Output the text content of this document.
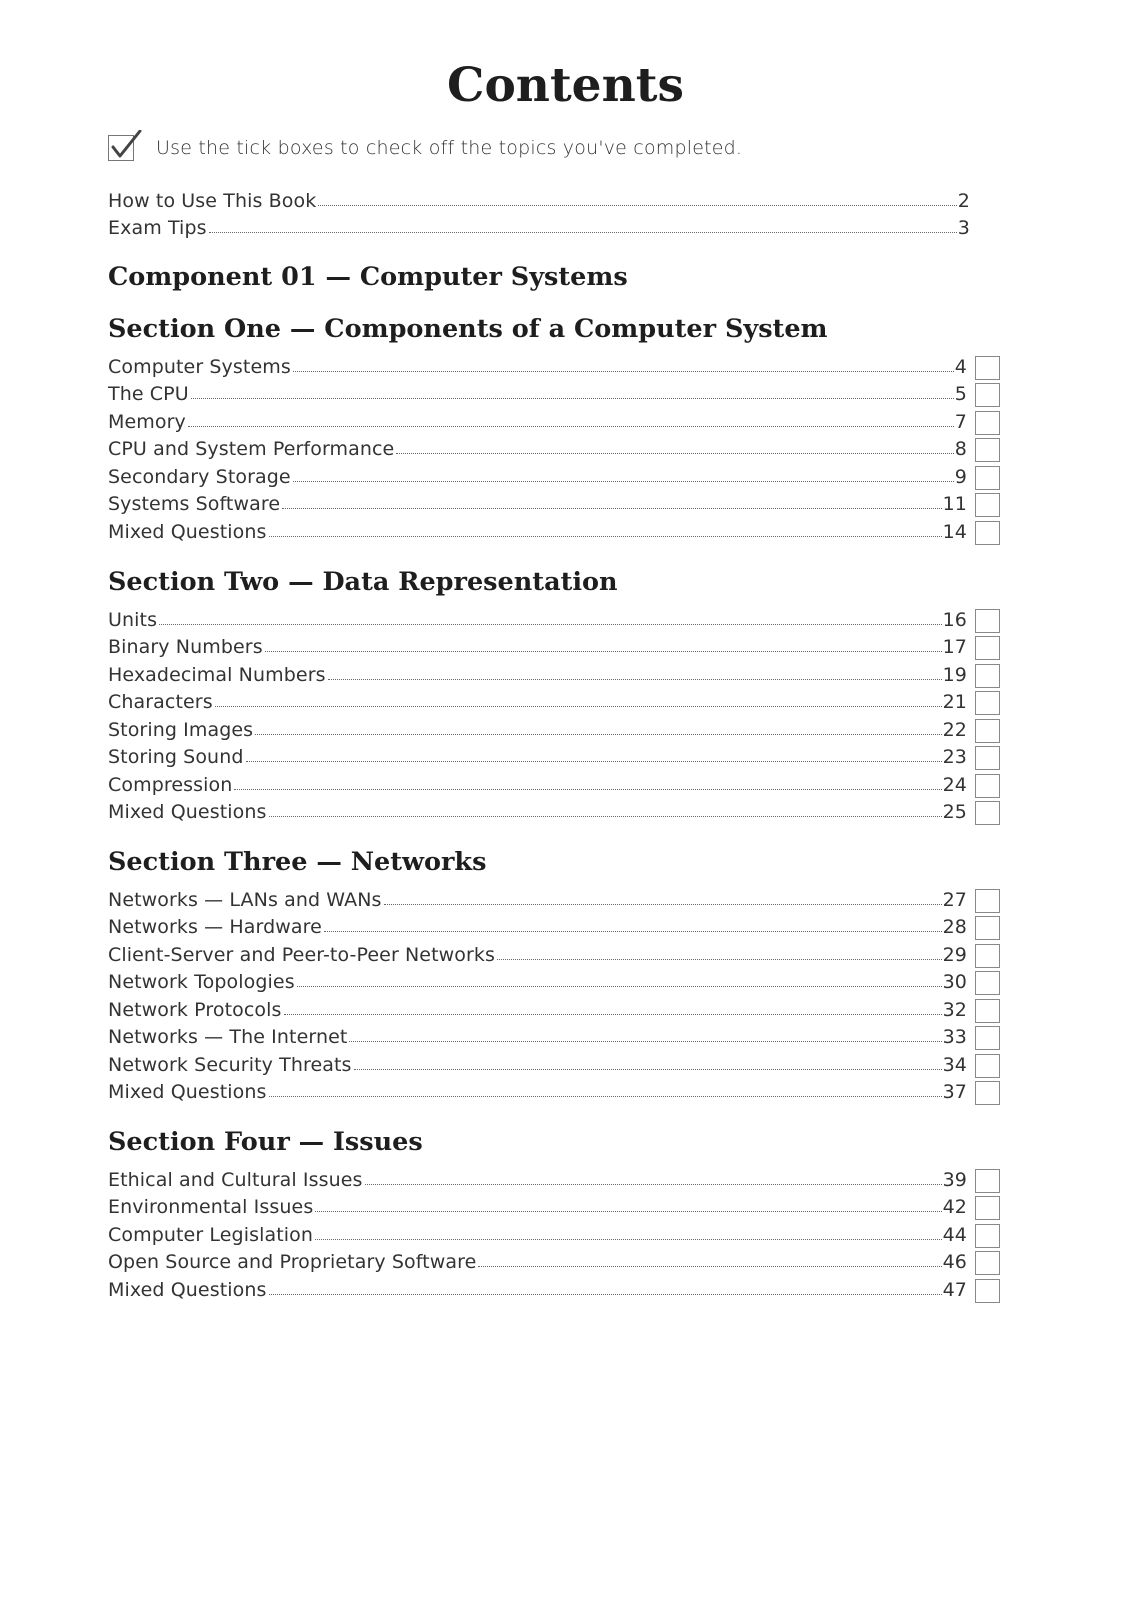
Contents
Use the tick boxes to check off the topics you've completed.
How to Use This Book	2
Exam Tips	3
Component 01 — Computer Systems
Section One — Components of a Computer System
Computer Systems	4
The CPU	5
Memory	7
CPU and System Performance	8
Secondary Storage	9
Systems Software	11
Mixed Questions	14
Section Two — Data Representation
Units	16
Binary Numbers	17
Hexadecimal Numbers	19
Characters	21
Storing Images	22
Storing Sound	23
Compression	24
Mixed Questions	25
Section Three — Networks
Networks — LANs and WANs	27
Networks — Hardware	28
Client-Server and Peer-to-Peer Networks	29
Network Topologies	30
Network Protocols	32
Networks — The Internet	33
Network Security Threats	34
Mixed Questions	37
Section Four — Issues
Ethical and Cultural Issues	39
Environmental Issues	42
Computer Legislation	44
Open Source and Proprietary Software	46
Mixed Questions	47
